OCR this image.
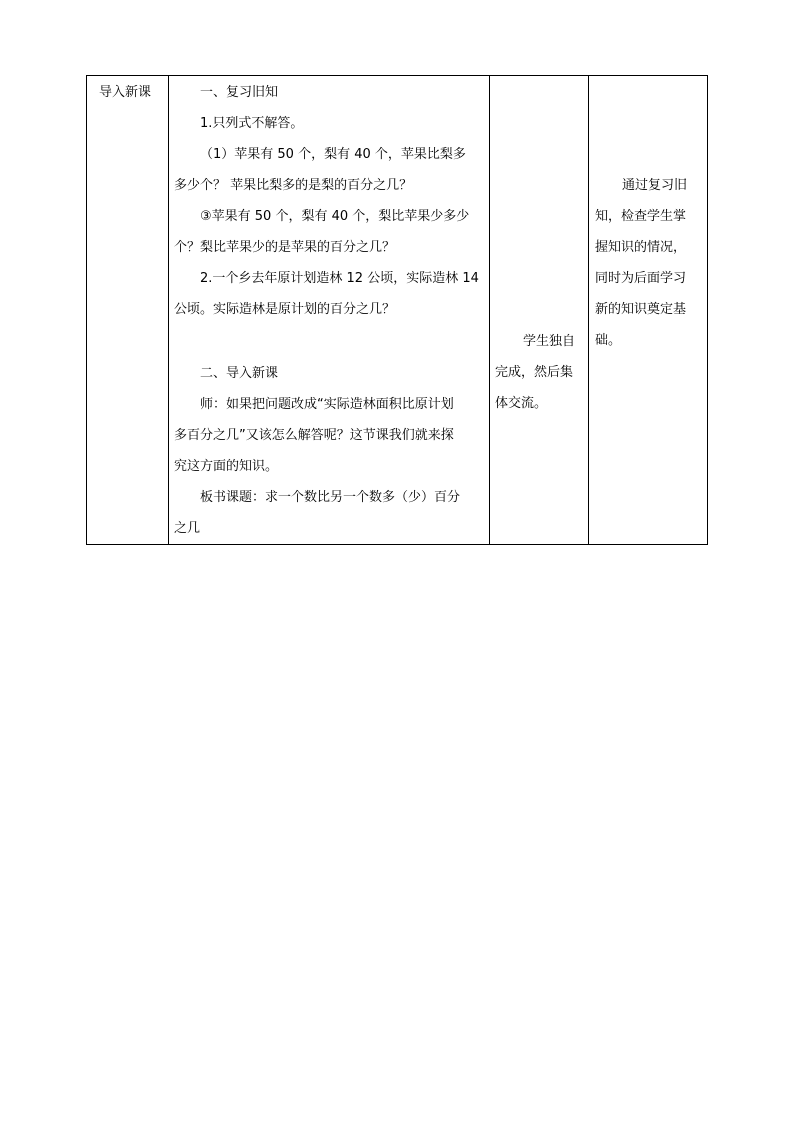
导入新课	一、复习旧知
1.只列式不解答。
（1）苹果有 50 个，梨有 40 个，苹果比梨多
多少个？ 苹果比梨多的是梨的百分之几？
③苹果有 50 个，梨有 40 个，梨比苹果少多少
个？梨比苹果少的是苹果的百分之几？
2.一个乡去年原计划造林 12 公顷，实际造林 14
公顷。实际造林是原计划的百分之几？
二、导入新课
师：如果把问题改成“实际造林面积比原计划
多百分之几”又该怎么解答呢？这节课我们就来探
究这方面的知识。
板书课题：求一个数比另一个数多（少）百分
之几
学生独自
完成，然后集
体交流。
通过复习旧
知，检查学生掌
握知识的情况，
同时为后面学习
新的知识奠定基
础。
